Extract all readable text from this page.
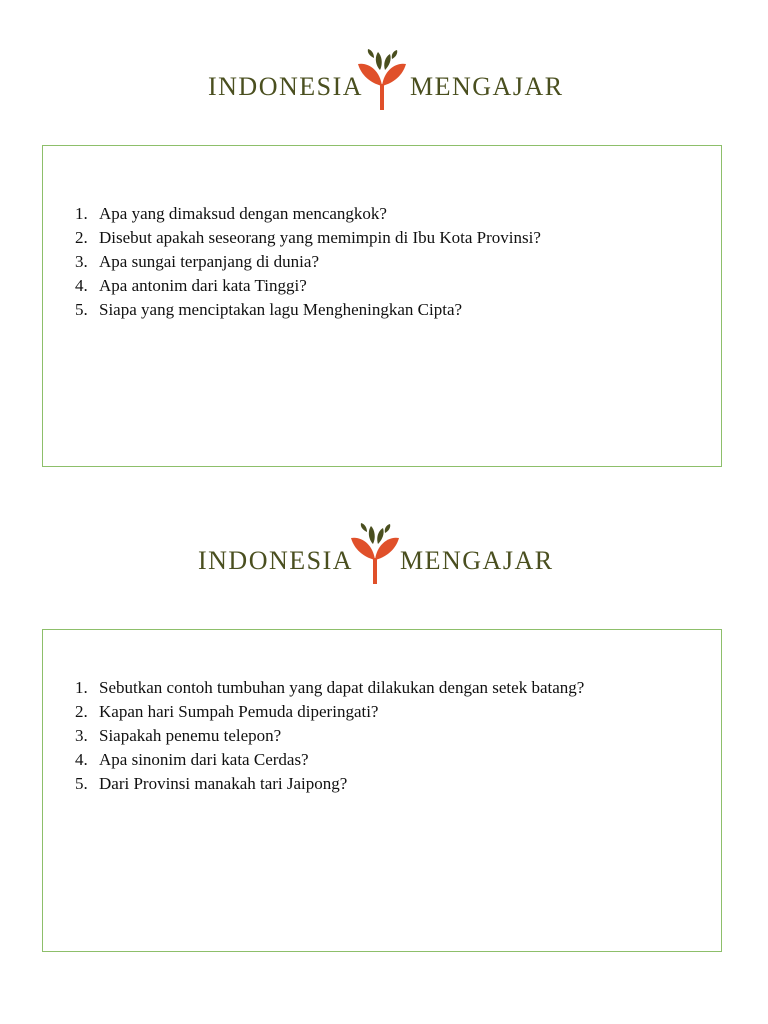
INDONESIA MENGAJAR
1. Apa yang dimaksud dengan mencangkok?
2. Disebut apakah seseorang yang memimpin di Ibu Kota Provinsi?
3. Apa sungai terpanjang di dunia?
4. Apa antonim dari kata Tinggi?
5. Siapa yang menciptakan lagu Mengheningkan Cipta?
INDONESIA MENGAJAR
1. Sebutkan contoh tumbuhan yang dapat dilakukan dengan setek batang?
2. Kapan hari Sumpah Pemuda diperingati?
3. Siapakah penemu telepon?
4. Apa sinonim dari kata Cerdas?
5. Dari Provinsi manakah tari Jaipong?
